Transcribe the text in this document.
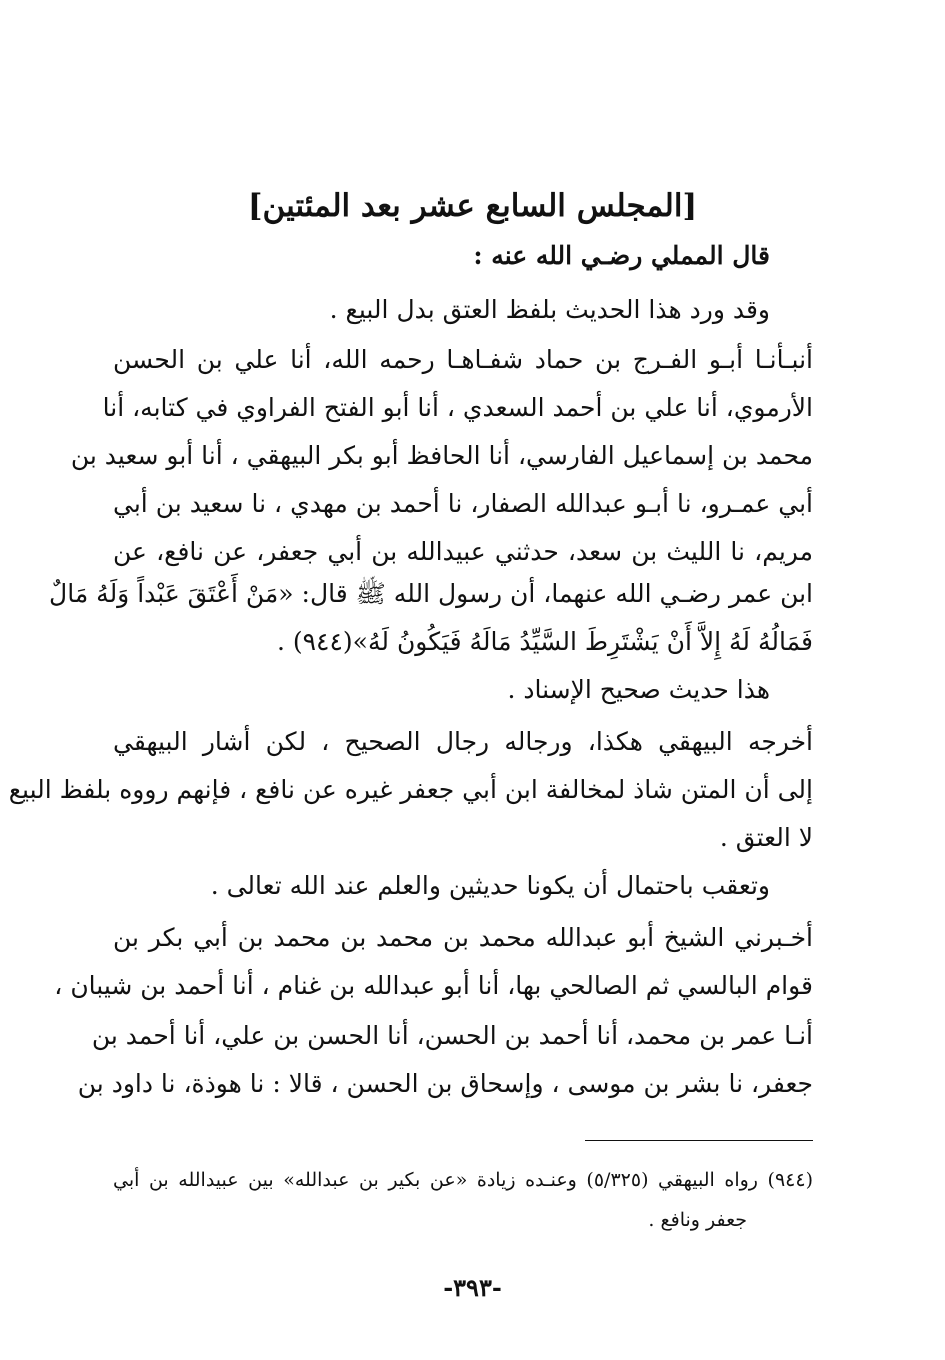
[المجلس السابع عشر بعد المئتين]
قال المملي رضـي الله عنه :
وقد ورد هذا الحديث بلفظ العتق بدل البيع .
أنبـأنـا أبـو الفـرج بن حماد شفـاهـا رحمه الله، أنا علي بن الحسن
الأرموي، أنا علي بن أحمد السعدي ، أنا أبو الفتح الفراوي في كتابه، أنا
محمد بن إسماعيل الفارسي، أنا الحافظ أبو بكر البيهقي ، أنا أبو سعيد بن
أبي عمـرو، نا أبـو عبدالله الصفار، نا أحمد بن مهدي ، نا سعيد بن أبي
مريم، نا الليث بن سعد، حدثني عبيدالله بن أبي جعفر، عن نافع، عن
ابن عمر رضـي الله عنهما، أن رسول الله ﷺ قال: «مَنْ أَعْتَقَ عَبْداً وَلَهُ مَالٌ
فَمَالُهُ لَهُ إِلاَّ أَنْ يَشْتَرِطَ السَّيِّدُ مَالَهُ فَيَكُونُ لَهُ»(٩٤٤) .
هذا حديث صحيح الإسناد .
أخرجه البيهقي هكذا، ورجاله رجال الصحيح ، لكن أشار البيهقي
إلى أن المتن شاذ لمخالفة ابن أبي جعفر غيره عن نافع ، فإنهم رووه بلفظ البيع
لا العتق .
وتعقب باحتمال أن يكونا حديثين والعلم عند الله تعالى .
أخـبرني الشيخ أبو عبدالله محمد بن محمد بن محمد بن أبي بكر بن
قوام البالسي ثم الصالحي بها، أنا أبو عبدالله بن غنام ، أنا أحمد بن شيبان ،
أنـا عمر بن محمد، أنا أحمد بن الحسن، أنا الحسن بن علي، أنا أحمد بن
جعفر، نا بشر بن موسى ، وإسحاق بن الحسن ، قالا : نا هوذة، نا داود بن
(٩٤٤) رواه البيهقي (٥/٣٢٥) وعنـده زيادة «عن بكير بن عبدالله» بين عبيدالله بن أبي
جعفر ونافع .
-٣٩٣-
